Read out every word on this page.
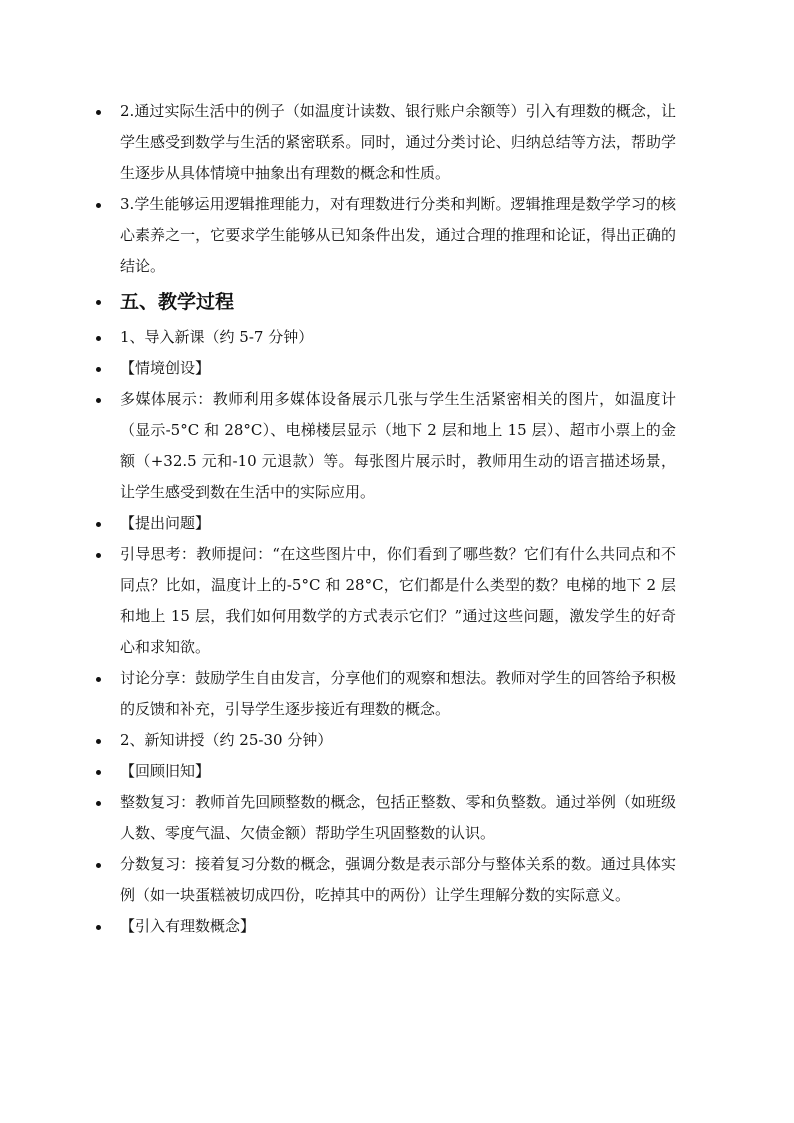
2.通过实际生活中的例子（如温度计读数、银行账户余额等）引入有理数的概念，让学生感受到数学与生活的紧密联系。同时，通过分类讨论、归纳总结等方法，帮助学生逐步从具体情境中抽象出有理数的概念和性质。
3.学生能够运用逻辑推理能力，对有理数进行分类和判断。逻辑推理是数学学习的核心素养之一，它要求学生能够从已知条件出发，通过合理的推理和论证，得出正确的结论。
五、教学过程
1、导入新课（约 5-7 分钟）
【情境创设】
多媒体展示：教师利用多媒体设备展示几张与学生生活紧密相关的图片，如温度计（显示-5°C 和 28°C）、电梯楼层显示（地下 2 层和地上 15 层）、超市小票上的金额（+32.5 元和-10 元退款）等。每张图片展示时，教师用生动的语言描述场景，让学生感受到数在生活中的实际应用。
【提出问题】
引导思考：教师提问：“在这些图片中，你们看到了哪些数？它们有什么共同点和不同点？比如，温度计上的-5°C 和 28°C，它们都是什么类型的数？电梯的地下 2 层和地上 15 层，我们如何用数学的方式表示它们？”通过这些问题，激发学生的好奇心和求知欲。
讨论分享：鼓励学生自由发言，分享他们的观察和想法。教师对学生的回答给予积极的反馈和补充，引导学生逐步接近有理数的概念。
2、新知讲授（约 25-30 分钟）
【回顾旧知】
整数复习：教师首先回顾整数的概念，包括正整数、零和负整数。通过举例（如班级人数、零度气温、欠债金额）帮助学生巩固整数的认识。
分数复习：接着复习分数的概念，强调分数是表示部分与整体关系的数。通过具体实例（如一块蛋糕被切成四份，吃掉其中的两份）让学生理解分数的实际意义。
【引入有理数概念】
